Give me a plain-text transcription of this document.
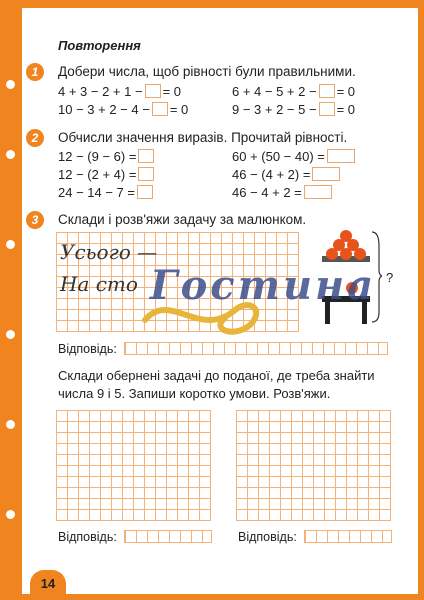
Повторення
1	Добери числа, щоб рівності були правильними.
4 + 3 − 2 + 1 − = 0
10 − 3 + 2 − 4 − = 0
6 + 4 − 5 + 2 − = 0
9 − 3 + 2 − 5 − = 0
2	Обчисли значення виразів. Прочитай рівності.
12 − (9 − 6) =
12 − (2 + 4) =
24 − 14 − 7 =
60 + (50 − 40) =
46 − (4 + 2) =
46 − 4 + 2 =
3	Склади і розв'яжи задачу за малюнком.
Усього —
На сто	?
Гостина
Відповідь:
Склади обернені задачі до поданої, де треба знайти
числа 9 і 5. Запиши коротко умови. Розв'яжи.
Відповідь:	Відповідь:
14
